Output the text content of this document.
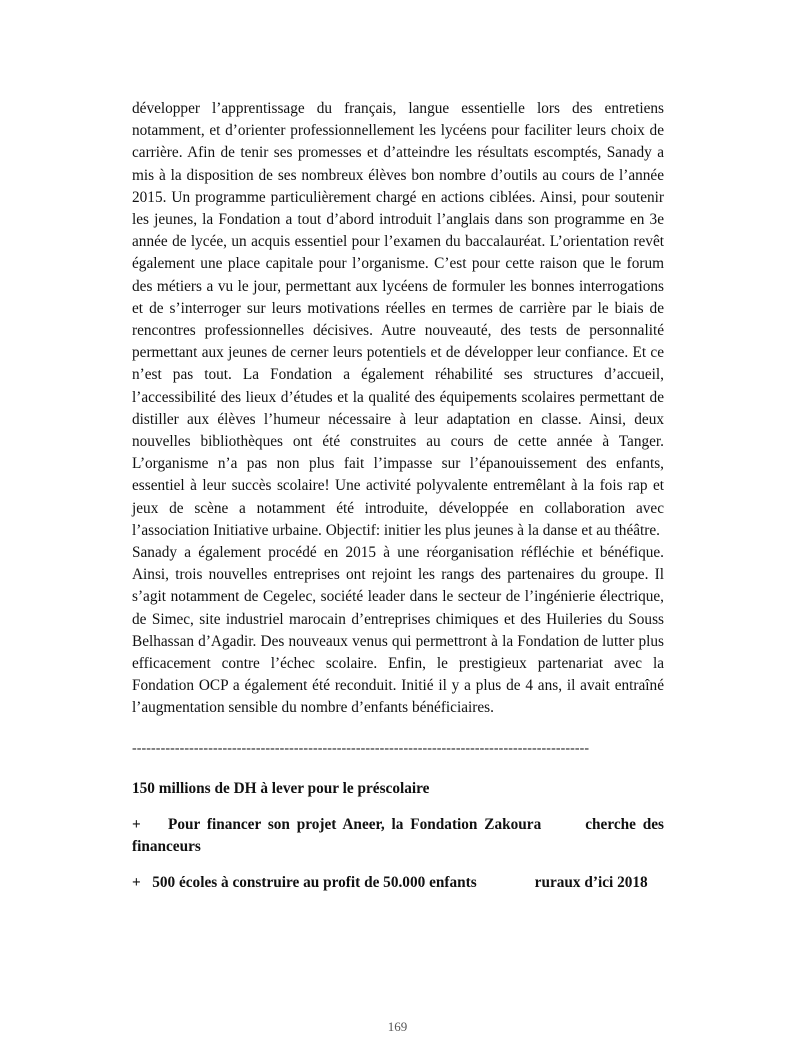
développer l’apprentissage du français, langue essentielle lors des entretiens notamment, et d’orienter professionnellement les lycéens pour faciliter leurs choix de carrière. Afin de tenir ses promesses et d’atteindre les résultats escomptés, Sanady a mis à la disposition de ses nombreux élèves bon nombre d’outils au cours de l’année 2015. Un programme particulièrement chargé en actions ciblées. Ainsi, pour soutenir les jeunes, la Fondation a tout d’abord introduit l’anglais dans son programme en 3e année de lycée, un acquis essentiel pour l’examen du baccalauréat. L’orientation revêt également une place capitale pour l’organisme. C’est pour cette raison que le forum des métiers a vu le jour, permettant aux lycéens de formuler les bonnes interrogations et de s’interroger sur leurs motivations réelles en termes de carrière par le biais de rencontres professionnelles décisives. Autre nouveauté, des tests de personnalité permettant aux jeunes de cerner leurs potentiels et de développer leur confiance. Et ce n’est pas tout. La Fondation a également réhabilité ses structures d’accueil, l’accessibilité des lieux d’études et la qualité des équipements scolaires permettant de distiller aux élèves l’humeur nécessaire à leur adaptation en classe. Ainsi, deux nouvelles bibliothèques ont été construites au cours de cette année à Tanger. L’organisme n’a pas non plus fait l’impasse sur l’épanouissement des enfants, essentiel à leur succès scolaire! Une activité polyvalente entremêlant à la fois rap et jeux de scène a notamment été introduite, développée en collaboration avec l’association Initiative urbaine. Objectif: initier les plus jeunes à la danse et au théâtre.

Sanady a également procédé en 2015 à une réorganisation réfléchie et bénéfique. Ainsi, trois nouvelles entreprises ont rejoint les rangs des partenaires du groupe. Il s’agit notamment de Cegelec, société leader dans le secteur de l’ingénierie électrique, de Simec, site industriel marocain d’entreprises chimiques et des Huileries du Souss Belhassan d’Agadir. Des nouveaux venus qui permettront à la Fondation de lutter plus efficacement contre l’échec scolaire. Enfin, le prestigieux partenariat avec la Fondation OCP a également été reconduit. Initié il y a plus de 4 ans, il avait entraîné l’augmentation sensible du nombre d’enfants bénéficiaires.

------------------------------------------------------------------------------------------------

150 millions de DH à lever pour le préscolaire

+ Pour financer son projet Aneer, la Fondation Zakoura	cherche des financeurs

+ 500 écoles à construire au profit de 50.000 enfants	ruraux d’ici 2018

169
